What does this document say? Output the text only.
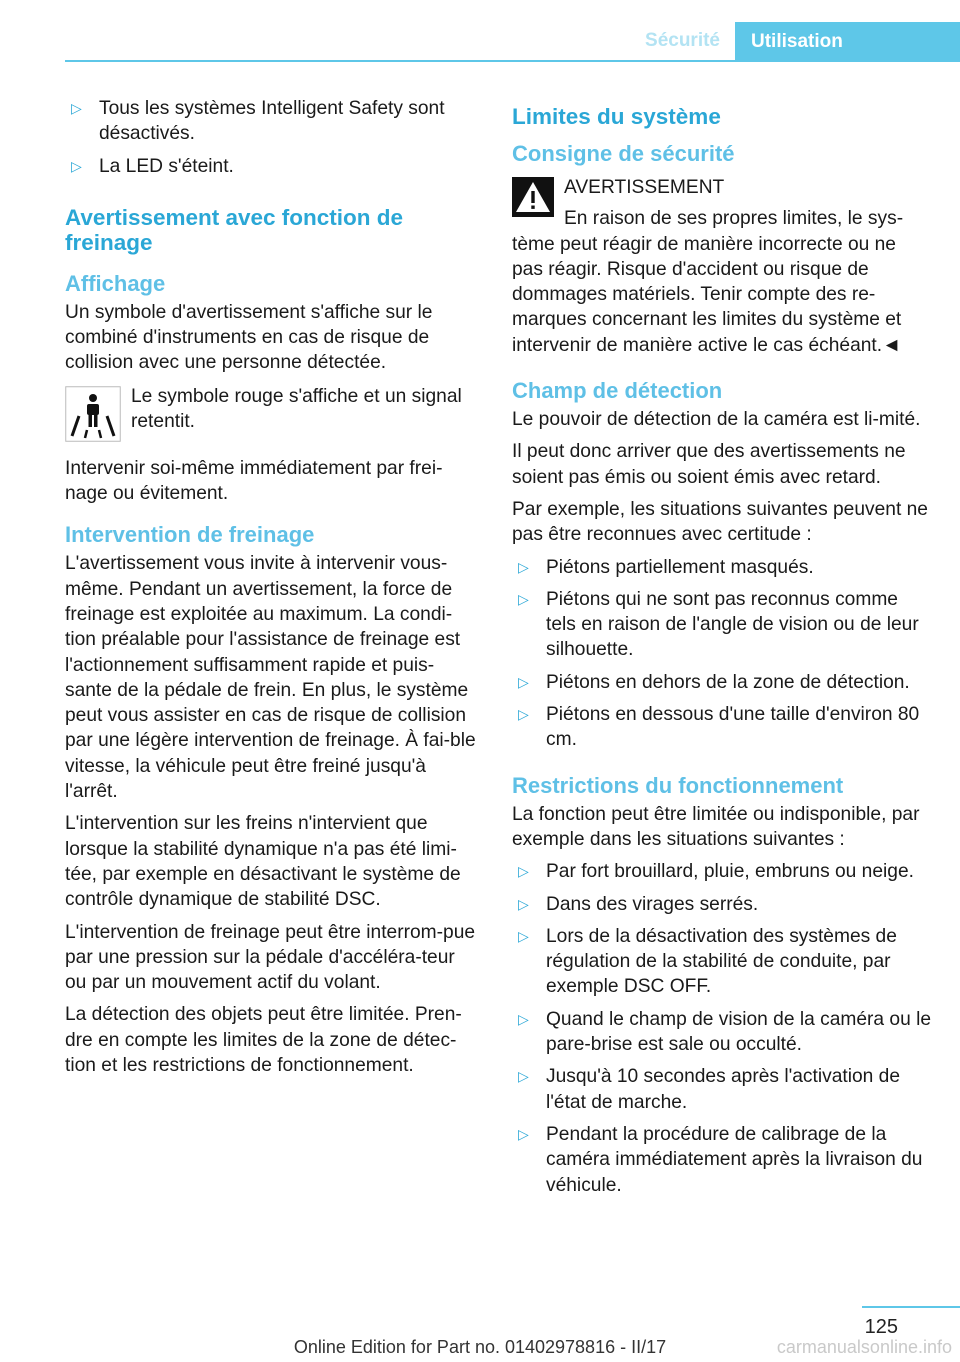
Sécurité	Utilisation
▷ Tous les systèmes Intelligent Safety sont désactivés.
▷ La LED s'éteint.
Avertissement avec fonction de freinage
Affichage

Un symbole d'avertissement s'affiche sur le combiné d'instruments en cas de risque de collision avec une personne détectée.

Le symbole rouge s'affiche et un signal retentit.

Intervenir soi-même immédiatement par frei‐nage ou évitement.

Intervention de freinage

L'avertissement vous invite à intervenir vous-même. Pendant un avertissement, la force de freinage est exploitée au maximum. La condi‐tion préalable pour l'assistance de freinage est l'actionnement suffisamment rapide et puis‐sante de la pédale de frein. En plus, le système peut vous assister en cas de risque de collision par une légère intervention de freinage. À fai‐ble vitesse, la véhicule peut être freiné jusqu'à l'arrêt.

L'intervention sur les freins n'intervient que lorsque la stabilité dynamique n'a pas été limi‐tée, par exemple en désactivant le système de contrôle dynamique de stabilité DSC.

L'intervention de freinage peut être interrom‐pue par une pression sur la pédale d'accéléra‐teur ou par un mouvement actif du volant.

La détection des objets peut être limitée. Pren‐dre en compte les limites de la zone de détec‐tion et les restrictions de fonctionnement.

Limites du système
Consigne de sécurité
AVERTISSEMENT

En raison de ses propres limites, le sys‐tème peut réagir de manière incorrecte ou ne pas réagir. Risque d'accident ou risque de dommages matériels. Tenir compte des re‐marques concernant les limites du système et intervenir de manière active le cas échéant.◄

Champ de détection

Le pouvoir de détection de la caméra est li‐mité.

Il peut donc arriver que des avertissements ne soient pas émis ou soient émis avec retard.

Par exemple, les situations suivantes peuvent ne pas être reconnues avec certitude :

▷ Piétons partiellement masqués.
▷ Piétons qui ne sont pas reconnus comme tels en raison de l'angle de vision ou de leur silhouette.
▷ Piétons en dehors de la zone de détection.
▷ Piétons en dessous d'une taille d'environ 80 cm.
Restrictions du fonctionnement

La fonction peut être limitée ou indisponible, par exemple dans les situations suivantes :

▷ Par fort brouillard, pluie, embruns ou neige.
▷ Dans des virages serrés.
▷ Lors de la désactivation des systèmes de régulation de la stabilité de conduite, par exemple DSC OFF.
▷ Quand le champ de vision de la caméra ou le pare-brise est sale ou occulté.
▷ Jusqu'à 10 secondes après l'activation de l'état de marche.
▷ Pendant la procédure de calibrage de la caméra immédiatement après la livraison du véhicule.
125
Online Edition for Part no. 01402978816 - II/17	carmanualsonline.info
